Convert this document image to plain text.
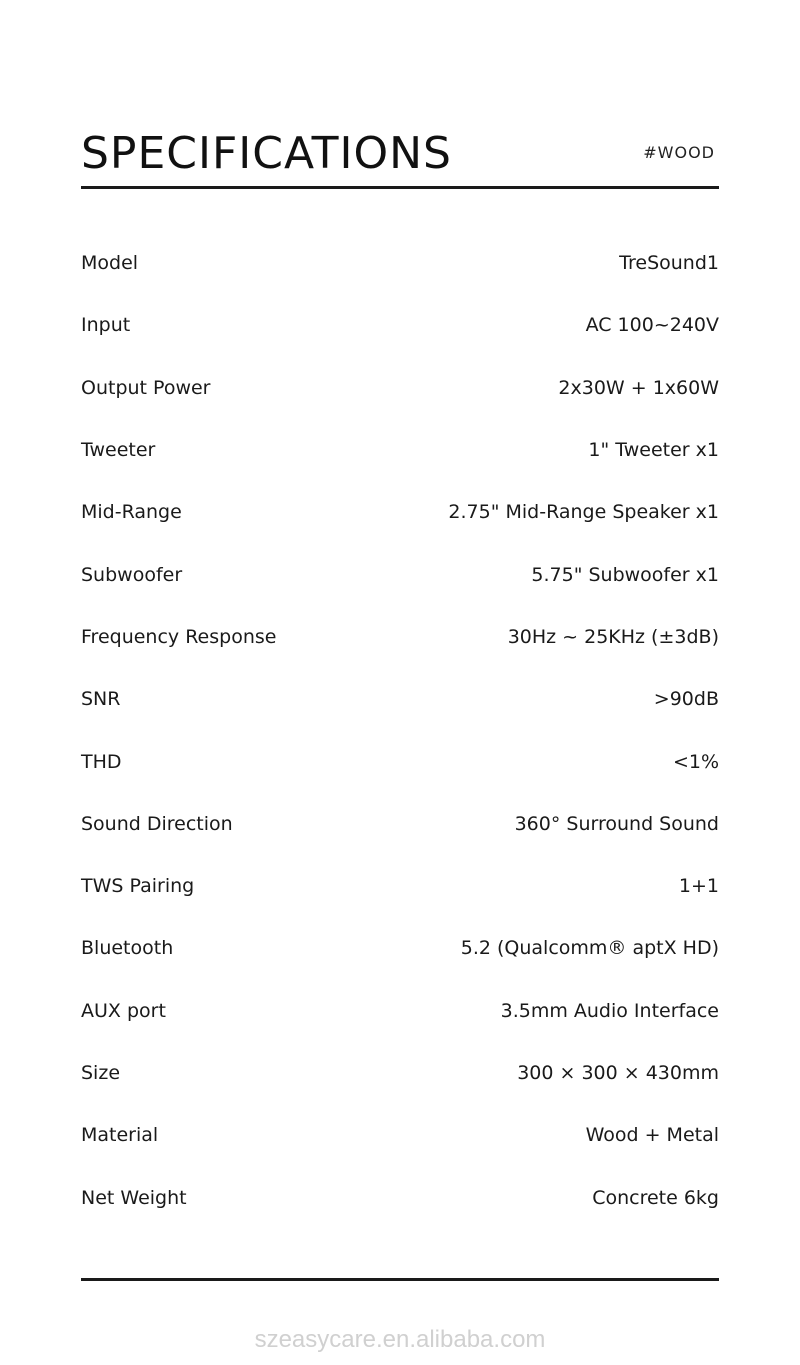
SPECIFICATIONS	#WOOD
Model	TreSound1
Input	AC 100~240V
Output Power	2x30W + 1x60W
Tweeter	1" Tweeter x1
Mid-Range	2.75" Mid-Range Speaker x1
Subwoofer	5.75" Subwoofer x1
Frequency Response	30Hz ~ 25KHz (±3dB)
SNR	>90dB
THD	<1%
Sound Direction	360° Surround Sound
TWS Pairing	1+1
Bluetooth	5.2 (Qualcomm® aptX HD)
AUX port	3.5mm Audio Interface
Size	300 × 300 × 430mm
Material	Wood + Metal
Net Weight	Concrete 6kg
szeasycare.en.alibaba.com
